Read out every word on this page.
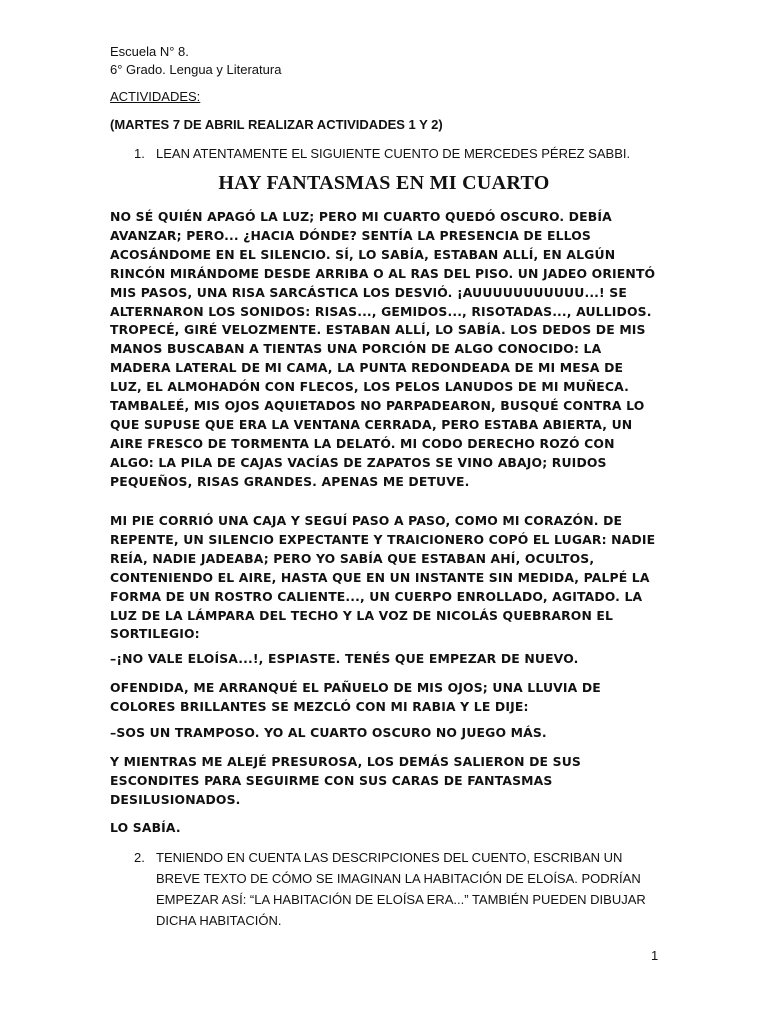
Escuela N° 8.
6° Grado. Lengua y Literatura
ACTIVIDADES:
(MARTES 7 DE ABRIL REALIZAR ACTIVIDADES 1 Y 2)
1. LEAN ATENTAMENTE EL SIGUIENTE CUENTO DE MERCEDES PÉREZ SABBI.
HAY FANTASMAS EN MI CUARTO

NO SÉ QUIÉN APAGÓ LA LUZ; PERO MI CUARTO QUEDÓ OSCURO. DEBÍA AVANZAR; PERO... ¿HACIA DÓNDE? SENTÍA LA PRESENCIA DE ELLOS ACOSÁNDOME EN EL SILENCIO. SÍ, LO SABÍA, ESTABAN ALLÍ, EN ALGÚN RINCÓN MIRÁNDOME DESDE ARRIBA O AL RAS DEL PISO. UN JADEO ORIENTÓ MIS PASOS, UNA RISA SARCÁSTICA LOS DESVIÓ. ¡AUUUUUUUUUUU...! SE ALTERNARON LOS SONIDOS: RISAS..., GEMIDOS..., RISOTADAS..., AULLIDOS. TROPECÉ, GIRÉ VELOZMENTE. ESTABAN ALLÍ, LO SABÍA. LOS DEDOS DE MIS MANOS BUSCABAN A TIENTAS UNA PORCIÓN DE ALGO CONOCIDO: LA MADERA LATERAL DE MI CAMA, LA PUNTA REDONDEADA DE MI MESA DE LUZ, EL ALMOHADÓN CON FLECOS, LOS PELOS LANUDOS DE MI MUÑECA. TAMBALEÉ, MIS OJOS AQUIETADOS NO PARPADEARON, BUSQUÉ CONTRA LO QUE SUPUSE QUE ERA LA VENTANA CERRADA, PERO ESTABA ABIERTA, UN AIRE FRESCO DE TORMENTA LA DELATÓ. MI CODO DERECHO ROZÓ CON ALGO: LA PILA DE CAJAS VACÍAS DE ZAPATOS SE VINO ABAJO; RUIDOS PEQUEÑOS, RISAS GRANDES. APENAS ME DETUVE.

MI PIE CORRIÓ UNA CAJA Y SEGUÍ PASO A PASO, COMO MI CORAZÓN. DE REPENTE, UN SILENCIO EXPECTANTE Y TRAICIONERO COPÓ EL LUGAR: NADIE REÍA, NADIE JADEABA; PERO YO SABÍA QUE ESTABAN AHÍ, OCULTOS, CONTENIENDO EL AIRE, HASTA QUE EN UN INSTANTE SIN MEDIDA, PALPÉ LA FORMA DE UN ROSTRO CALIENTE..., UN CUERPO ENROLLADO, AGITADO. LA LUZ DE LA LÁMPARA DEL TECHO Y LA VOZ DE NICOLÁS QUEBRARON EL SORTILEGIO:

–¡NO VALE ELOÍSA...!, ESPIASTE. TENÉS QUE EMPEZAR DE NUEVO.

OFENDIDA, ME ARRANQUÉ EL PAÑUELO DE MIS OJOS; UNA LLUVIA DE COLORES BRILLANTES SE MEZCLÓ CON MI RABIA Y LE DIJE:

–SOS UN TRAMPOSO. YO AL CUARTO OSCURO NO JUEGO MÁS.

Y MIENTRAS ME ALEJÉ PRESUROSA, LOS DEMÁS SALIERON DE SUS ESCONDITES PARA SEGUIRME CON SUS CARAS DE FANTASMAS DESILUSIONADOS.

LO SABÍA.

2. TENIENDO EN CUENTA LAS DESCRIPCIONES DEL CUENTO, ESCRIBAN UN BREVE TEXTO DE CÓMO SE IMAGINAN LA HABITACIÓN DE ELOÍSA. PODRÍAN EMPEZAR ASÍ: “LA HABITACIÓN DE ELOÍSA ERA...” TAMBIÉN PUEDEN DIBUJAR DICHA HABITACIÓN.
1
